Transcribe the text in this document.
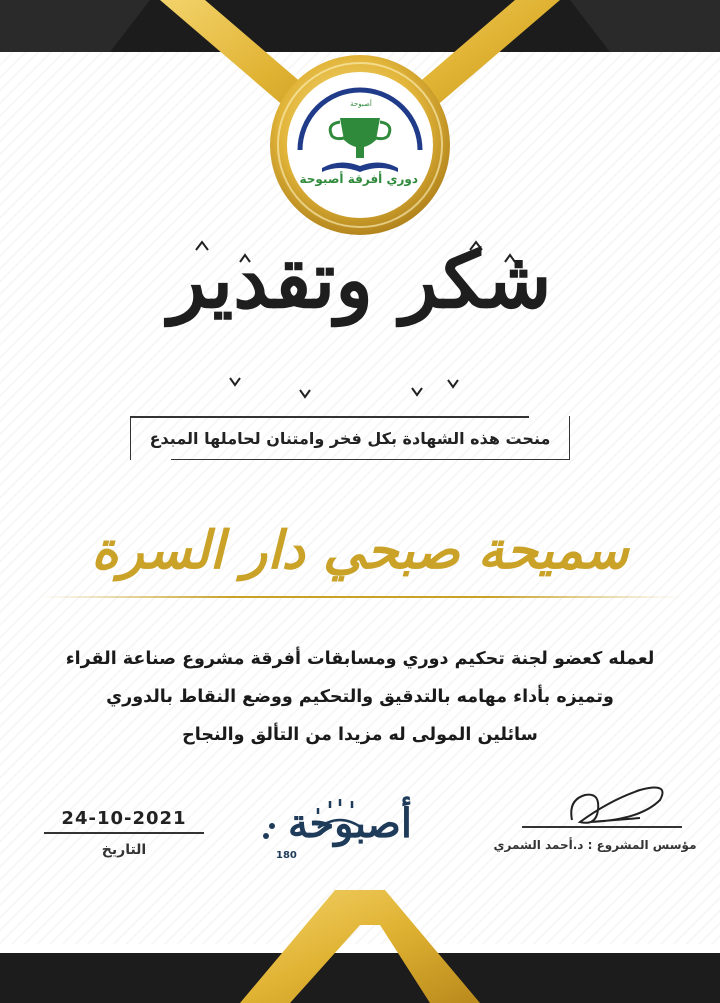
أصبوحة
دوري أفرقة أصبوحة
شكر وتقدير
منحت هذه الشهادة بكل فخر وامتنان لحاملها المبدع
سميحة صبحي دار السرة
لعمله كعضو لجنة تحكيم دوري ومسابقات أفرقة مشروع صناعة القراء
وتميزه بأداء مهامه بالتدقيق والتحكيم ووضع النقاط بالدوري
سائلين المولى له مزيدا من التألق والنجاح
24-10-2021
التاريخ
أصبوحة
180
مؤسس المشروع : د.أحمد الشمري
